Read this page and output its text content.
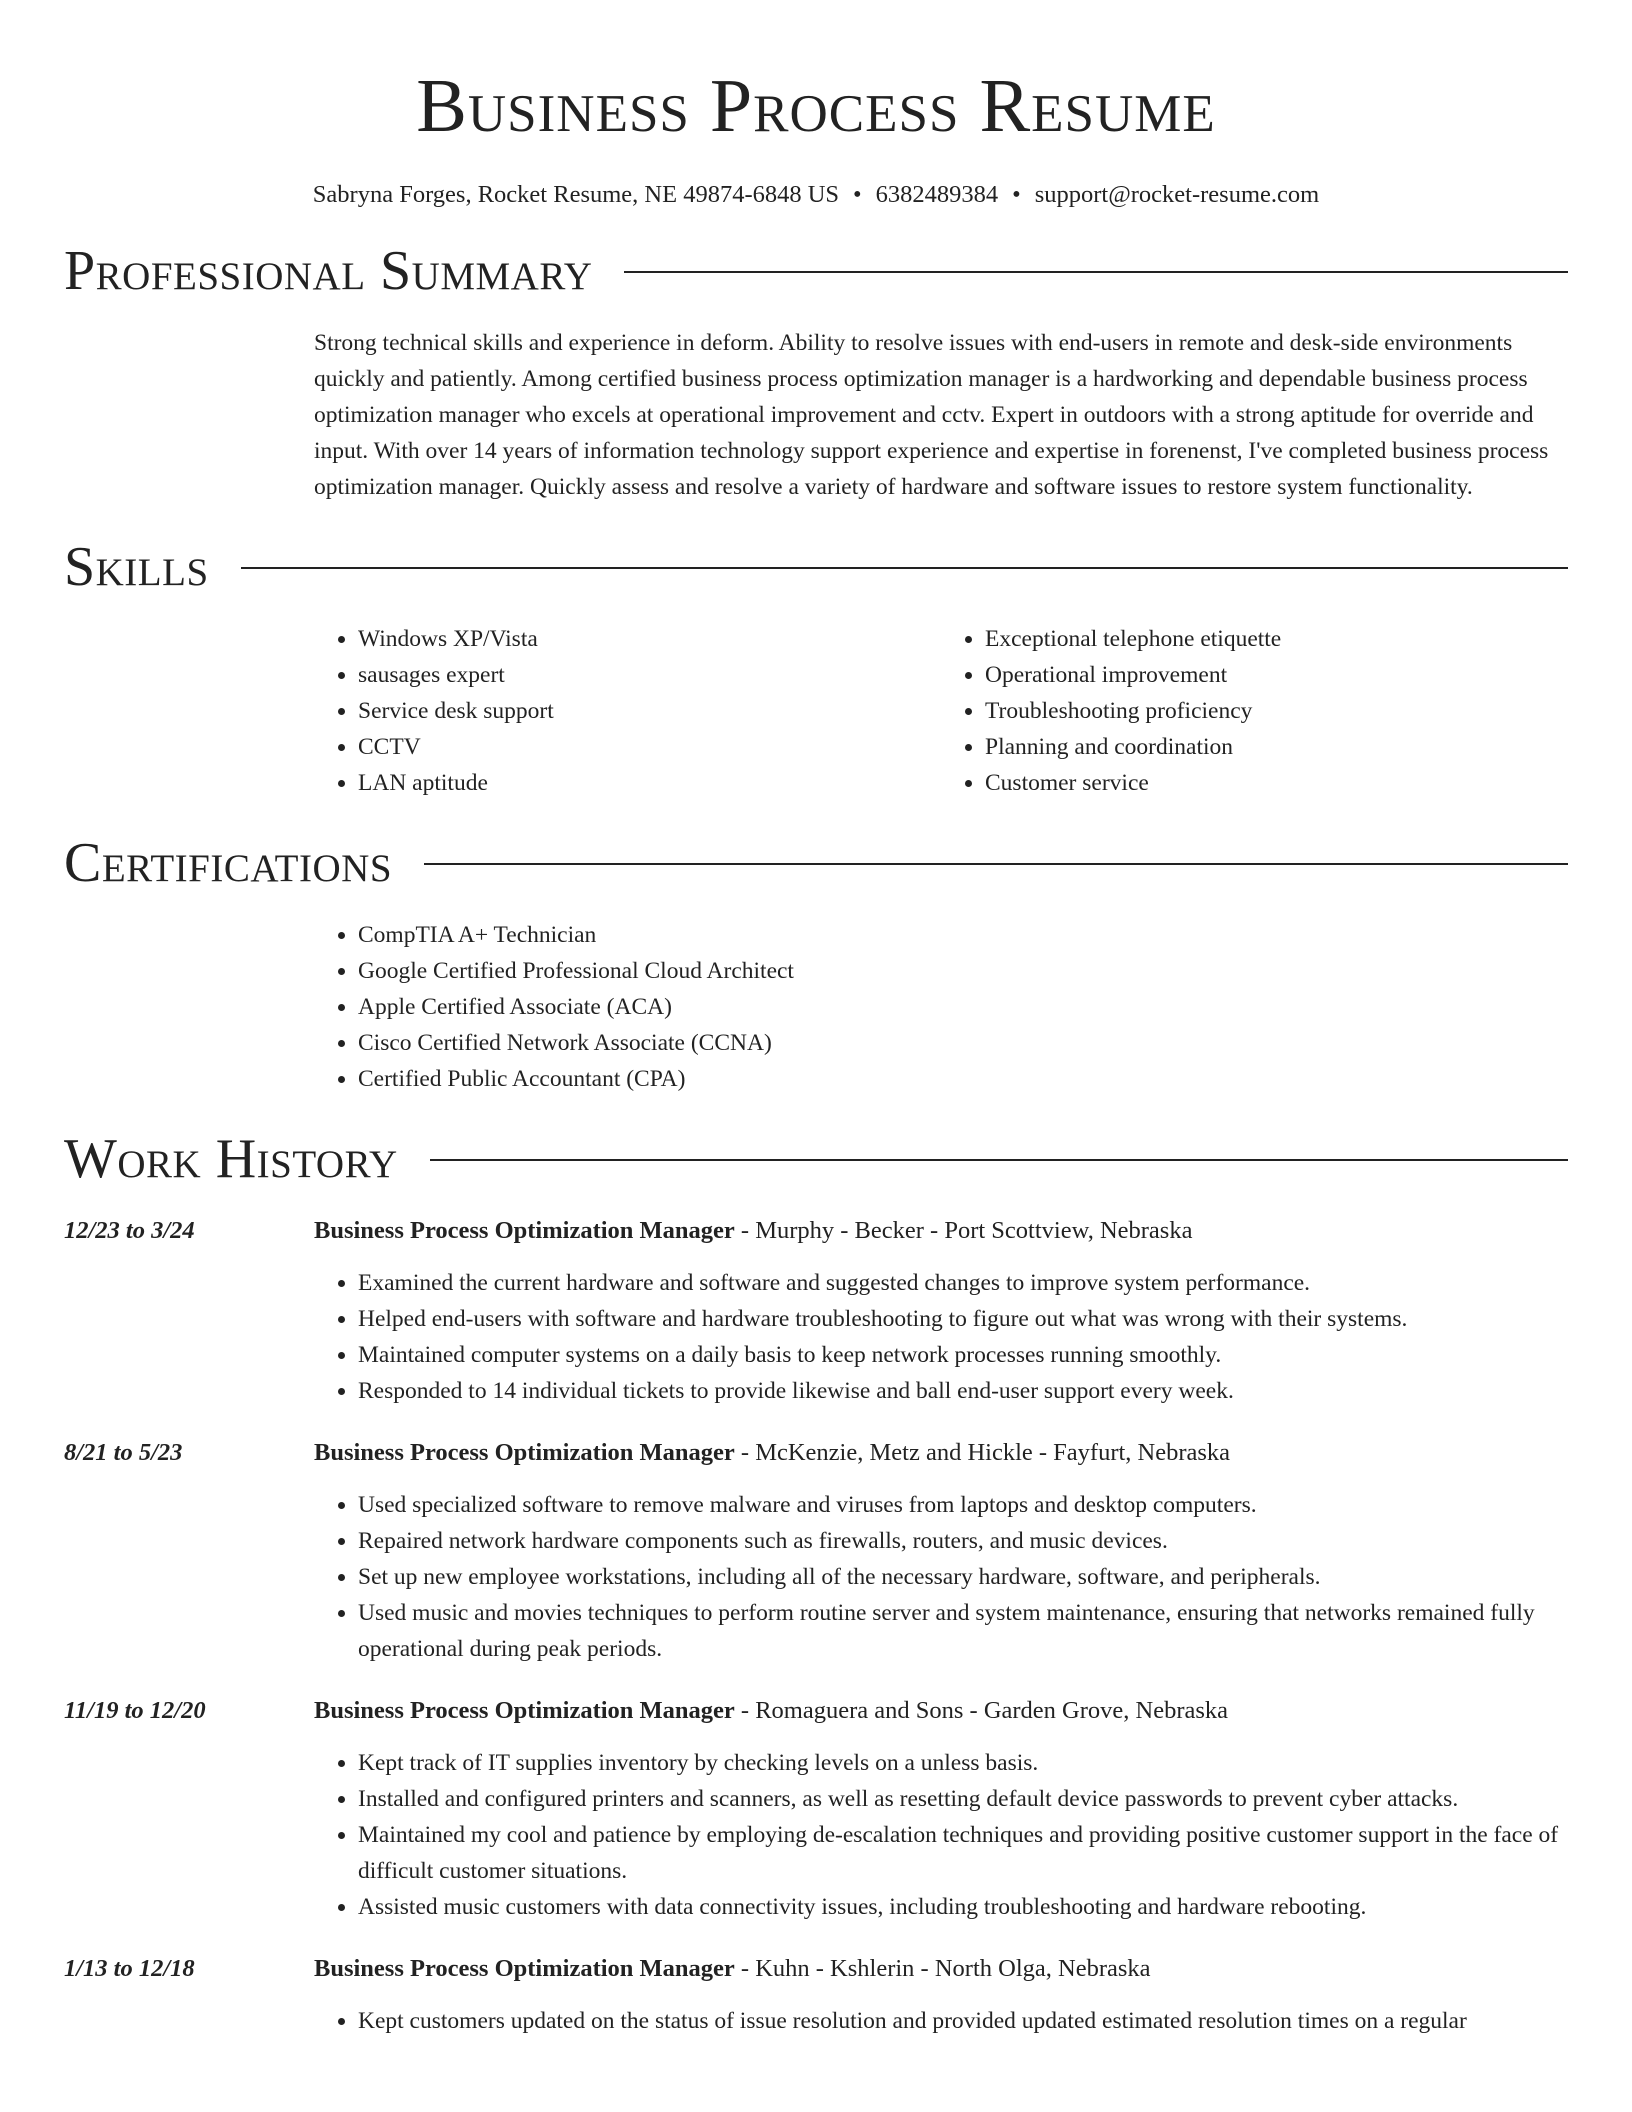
Business Process Resume
Sabryna Forges, Rocket Resume, NE 49874-6848 US • 6382489384 • support@rocket-resume.com
Professional Summary

Strong technical skills and experience in deform. Ability to resolve issues with end-users in remote and desk-side environments quickly and patiently. Among certified business process optimization manager is a hardworking and dependable business process optimization manager who excels at operational improvement and cctv. Expert in outdoors with a strong aptitude for override and input. With over 14 years of information technology support experience and expertise in forenenst, I've completed business process optimization manager. Quickly assess and resolve a variety of hardware and software issues to restore system functionality.

Skills
• Windows XP/Vista
• sausages expert
• Service desk support
• CCTV
• LAN aptitude
• Exceptional telephone etiquette
• Operational improvement
• Troubleshooting proficiency
• Planning and coordination
• Customer service
Certifications
• CompTIA A+ Technician
• Google Certified Professional Cloud Architect
• Apple Certified Associate (ACA)
• Cisco Certified Network Associate (CCNA)
• Certified Public Accountant (CPA)
Work History
12/23 to 3/24	Business Process Optimization Manager - Murphy - Becker - Port Scottview, Nebraska
• Examined the current hardware and software and suggested changes to improve system performance.
• Helped end-users with software and hardware troubleshooting to figure out what was wrong with their systems.
• Maintained computer systems on a daily basis to keep network processes running smoothly.
• Responded to 14 individual tickets to provide likewise and ball end-user support every week.
8/21 to 5/23	Business Process Optimization Manager - McKenzie, Metz and Hickle - Fayfurt, Nebraska
• Used specialized software to remove malware and viruses from laptops and desktop computers.
• Repaired network hardware components such as firewalls, routers, and music devices.
• Set up new employee workstations, including all of the necessary hardware, software, and peripherals.
• Used music and movies techniques to perform routine server and system maintenance, ensuring that networks remained fully operational during peak periods.
11/19 to 12/20	Business Process Optimization Manager - Romaguera and Sons - Garden Grove, Nebraska
• Kept track of IT supplies inventory by checking levels on a unless basis.
• Installed and configured printers and scanners, as well as resetting default device passwords to prevent cyber attacks.
• Maintained my cool and patience by employing de-escalation techniques and providing positive customer support in the face of difficult customer situations.
• Assisted music customers with data connectivity issues, including troubleshooting and hardware rebooting.
1/13 to 12/18	Business Process Optimization Manager - Kuhn - Kshlerin - North Olga, Nebraska
• Kept customers updated on the status of issue resolution and provided updated estimated resolution times on a regular
